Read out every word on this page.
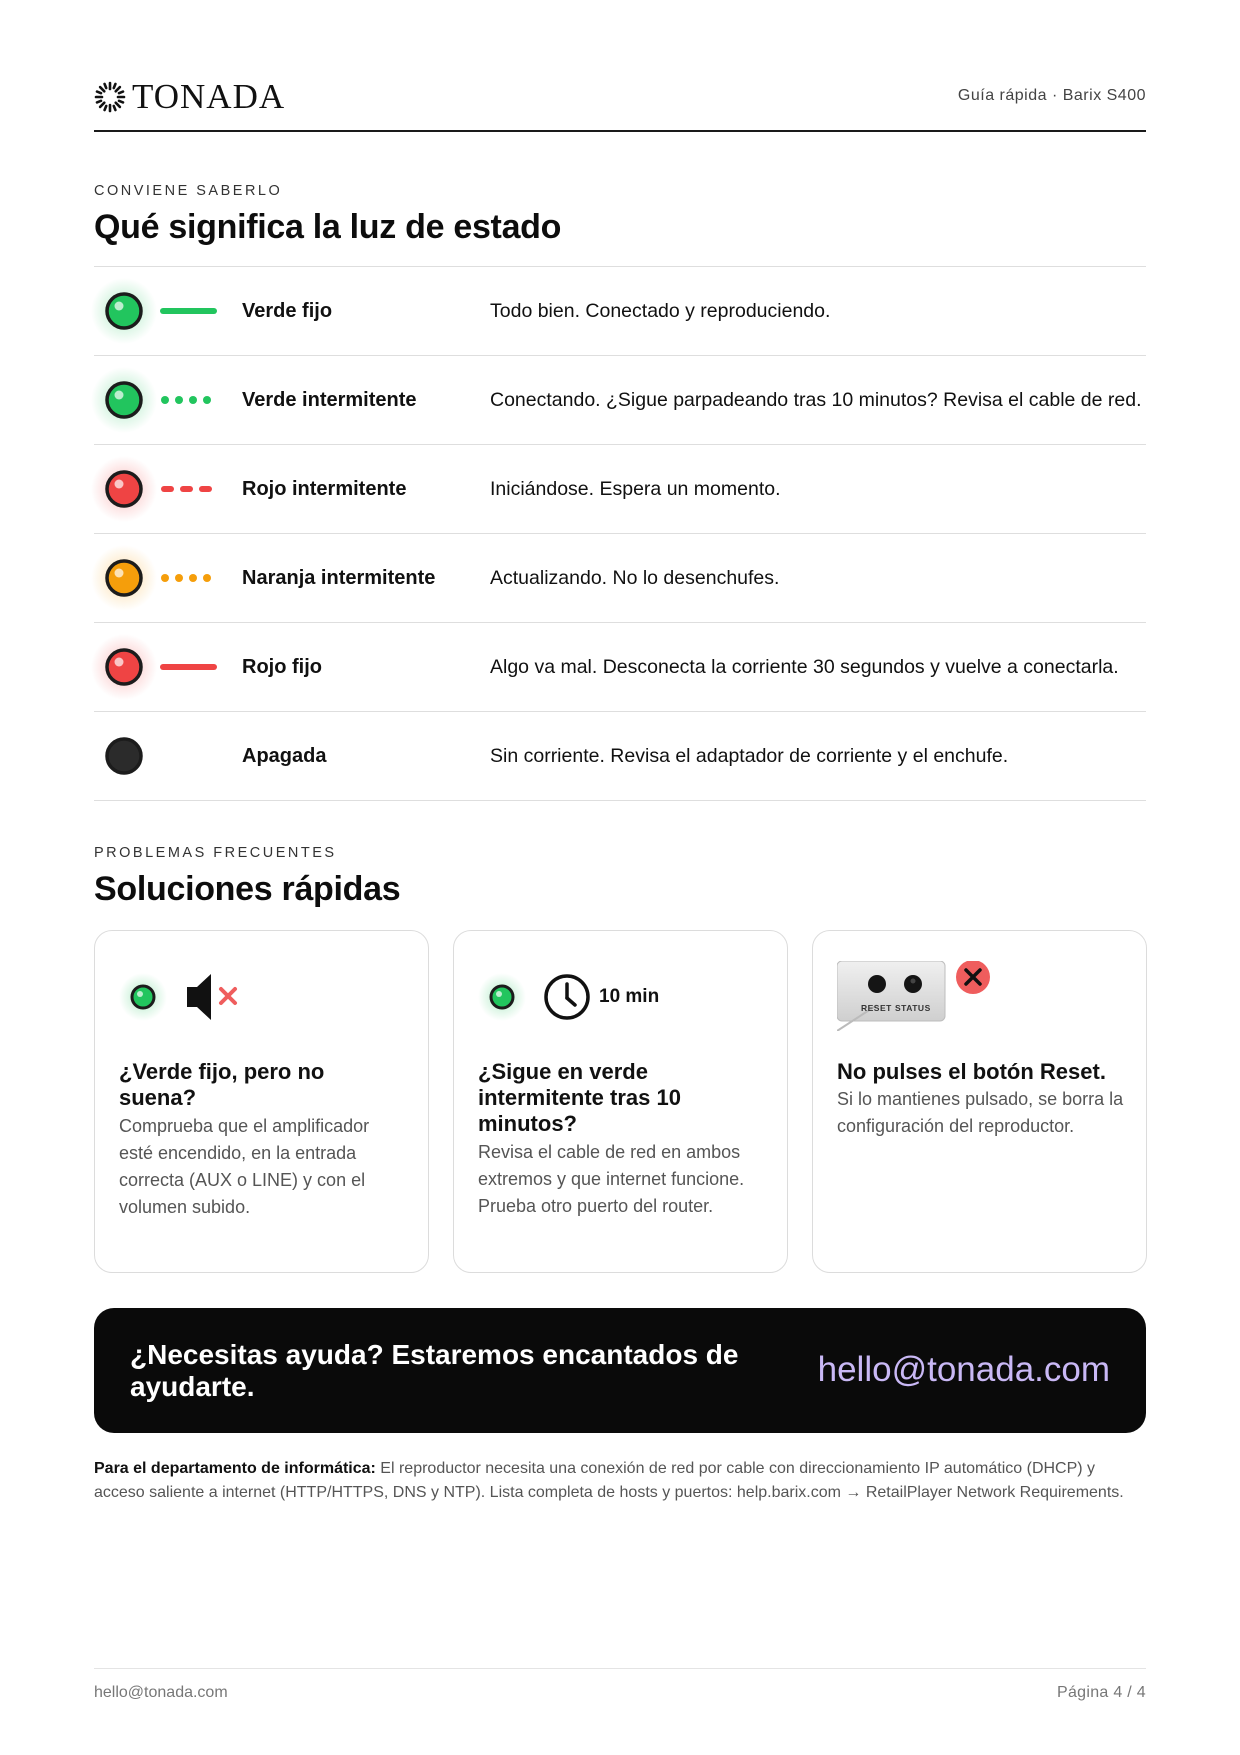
TONADA	Guía rápida · Barix S400
CONVIENE SABERLO
Qué significa la luz de estado
Verde fijo	Todo bien. Conectado y reproduciendo.
Verde intermitente	Conectando. ¿Sigue parpadeando tras 10 minutos? Revisa el cable de red.
Rojo intermitente	Iniciándose. Espera un momento.
Naranja intermitente	Actualizando. No lo desenchufes.
Rojo fijo	Algo va mal. Desconecta la corriente 30 segundos y vuelve a conectarla.
Apagada	Sin corriente. Revisa el adaptador de corriente y el enchufe.
PROBLEMAS FRECUENTES
Soluciones rápidas
¿Verde fijo, pero no suena?
Comprueba que el amplificador esté encendido, en la entrada correcta (AUX o LINE) y con el volumen subido.
10 min
¿Sigue en verde intermitente tras 10 minutos?
Revisa el cable de red en ambos extremos y que internet funcione. Prueba otro puerto del router.
RESET STATUS
No pulses el botón Reset.
Si lo mantienes pulsado, se borra la configuración del reproductor.
¿Necesitas ayuda? Estaremos encantados de ayudarte.	hello@tonada.com
Para el departamento de informática: El reproductor necesita una conexión de red por cable con direccionamiento IP automático (DHCP) y acceso saliente a internet (HTTP/HTTPS, DNS y NTP). Lista completa de hosts y puertos: help.barix.com → RetailPlayer Network Requirements.
hello@tonada.com	Página 4 / 4
